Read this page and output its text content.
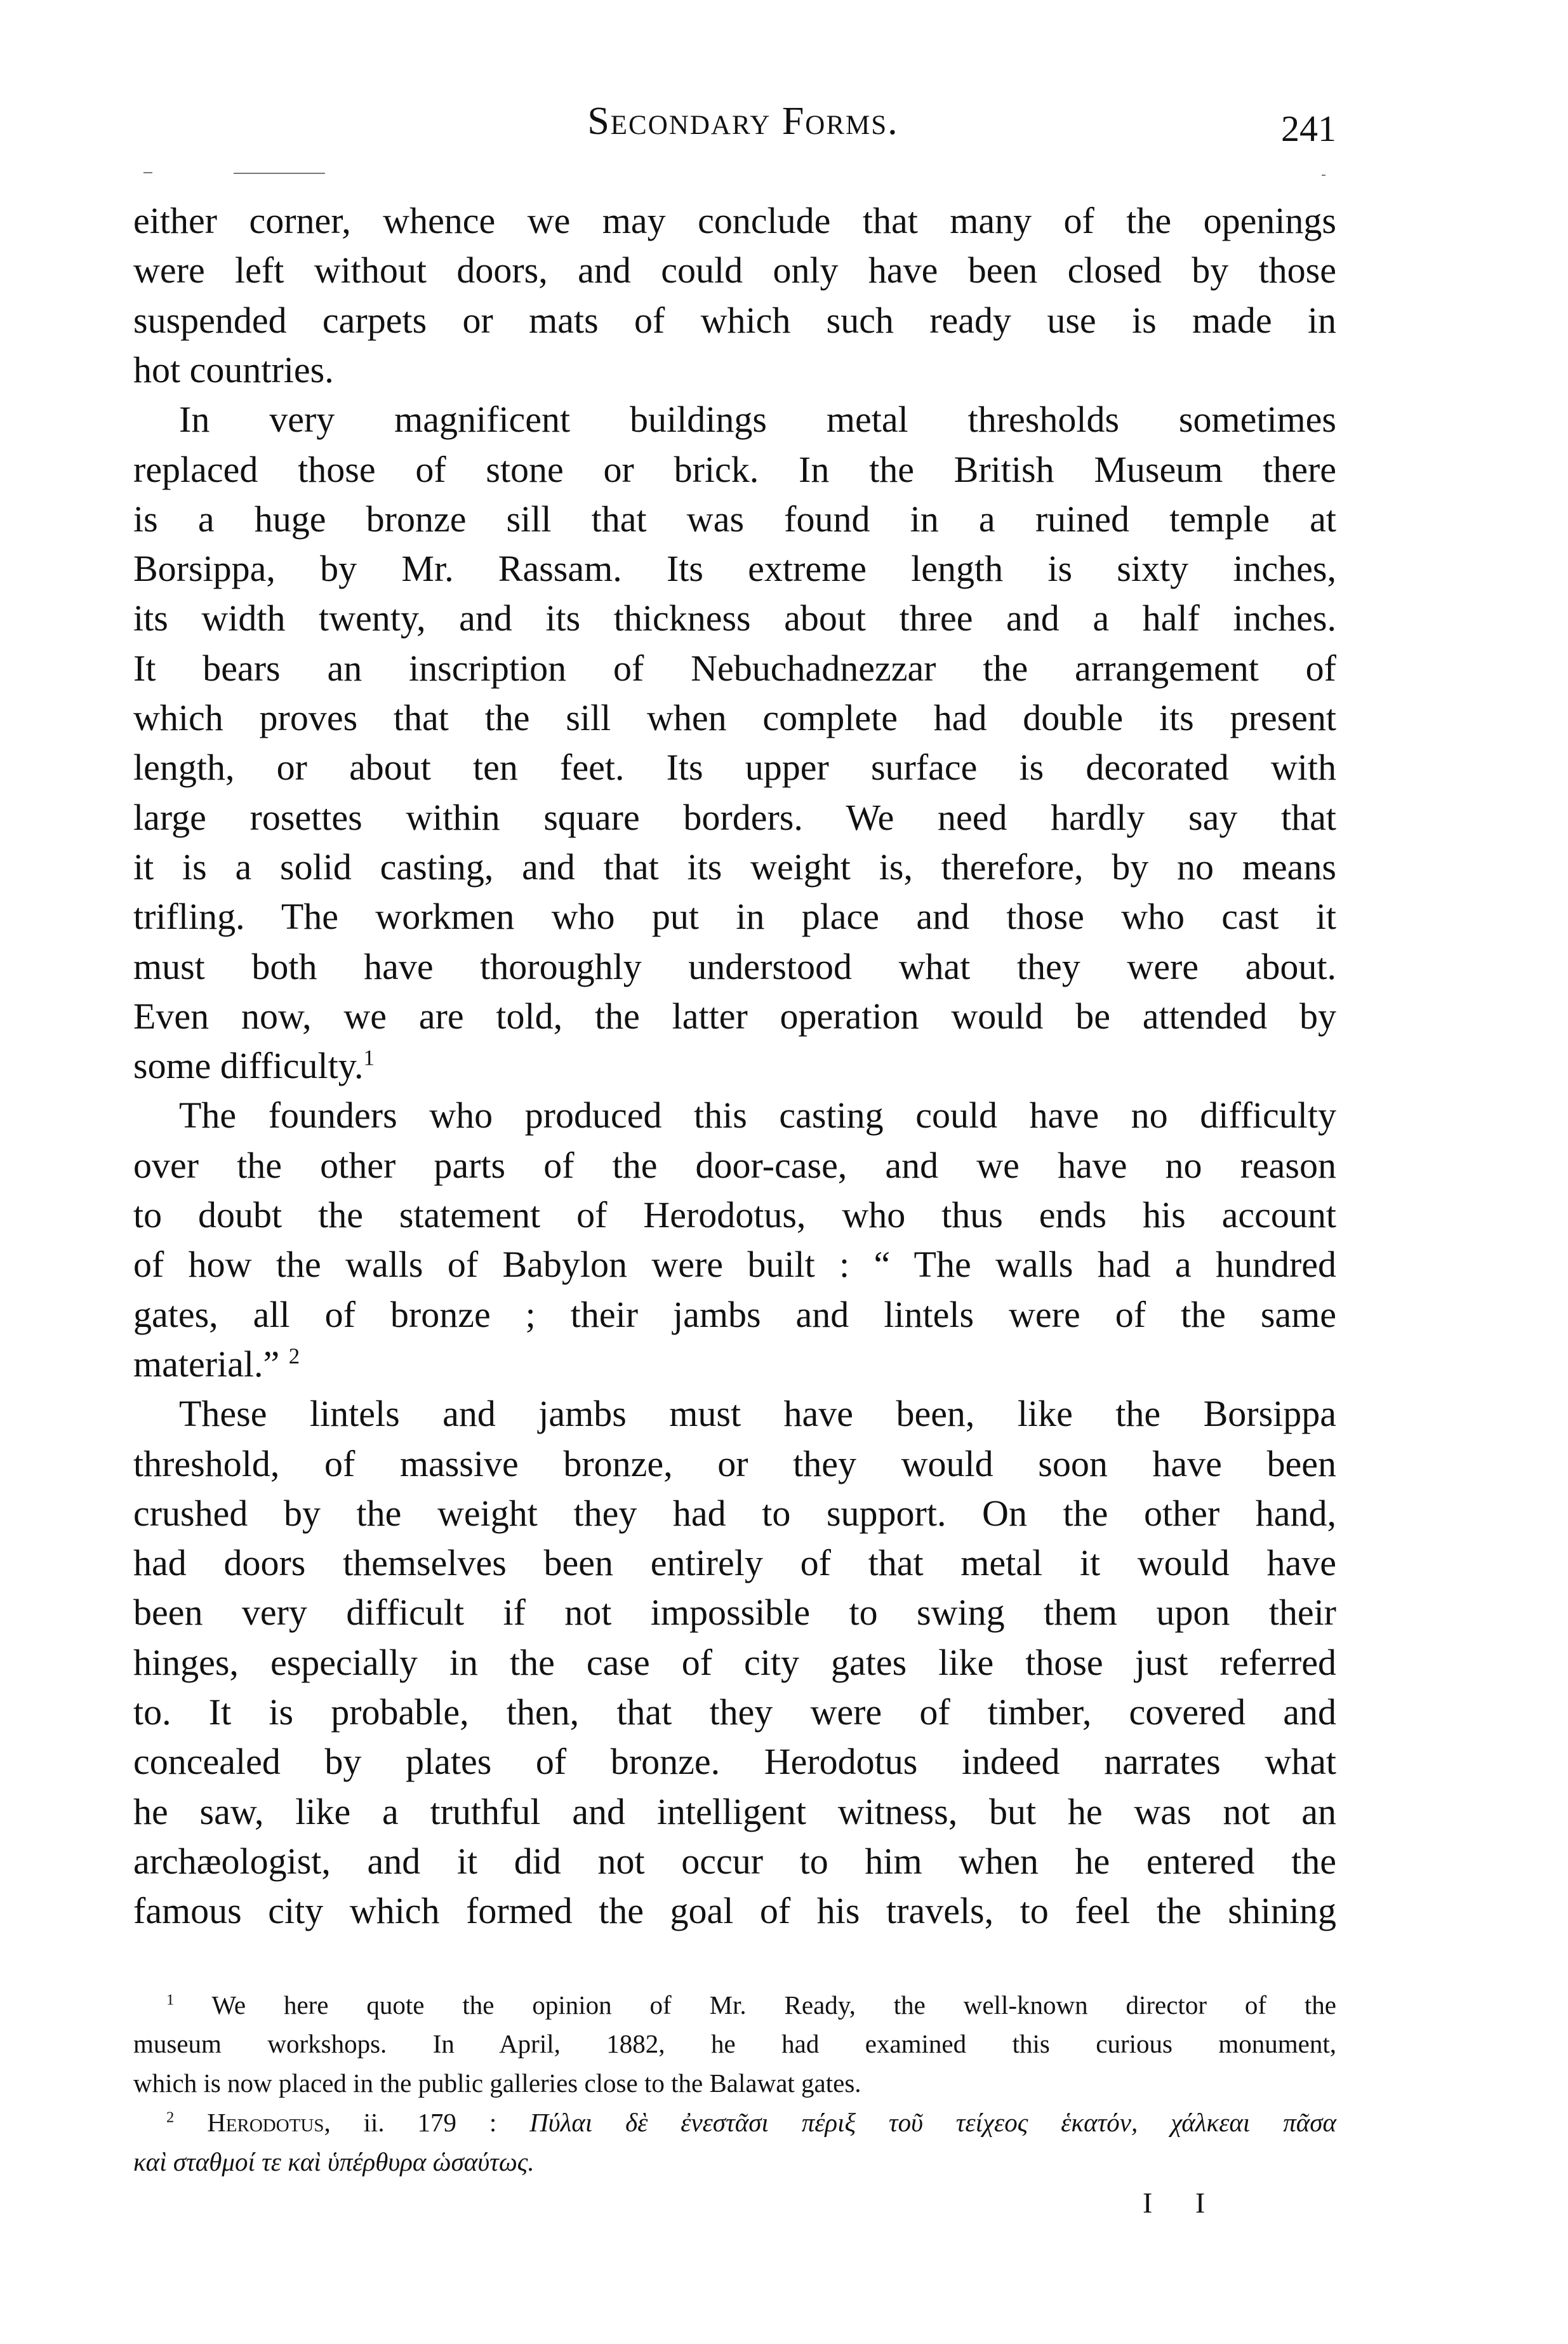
Secondary Forms.	241
either corner, whence we may conclude that many of the openings
were left without doors, and could only have been closed by those
suspended carpets or mats of which such ready use is made in
hot countries.
In very magnificent buildings metal thresholds sometimes
replaced those of stone or brick. In the British Museum there
is a huge bronze sill that was found in a ruined temple at
Borsippa, by Mr. Rassam. Its extreme length is sixty inches,
its width twenty, and its thickness about three and a half inches.
It bears an inscription of Nebuchadnezzar the arrangement of
which proves that the sill when complete had double its present
length, or about ten feet. Its upper surface is decorated with
large rosettes within square borders. We need hardly say that
it is a solid casting, and that its weight is, therefore, by no means
trifling. The workmen who put in place and those who cast it
must both have thoroughly understood what they were about.
Even now, we are told, the latter operation would be attended by
some difficulty.$^1$
The founders who produced this casting could have no difficulty
over the other parts of the door-case, and we have no reason
to doubt the statement of Herodotus, who thus ends his account
of how the walls of Babylon were built : “ The walls had a hundred
gates, all of bronze ; their jambs and lintels were of the same
material.” $^2$
These lintels and jambs must have been, like the Borsippa
threshold, of massive bronze, or they would soon have been
crushed by the weight they had to support. On the other hand,
had doors themselves been entirely of that metal it would have
been very difficult if not impossible to swing them upon their
hinges, especially in the case of city gates like those just referred
to. It is probable, then, that they were of timber, covered and
concealed by plates of bronze. Herodotus indeed narrates what
he saw, like a truthful and intelligent witness, but he was not an
archæologist, and it did not occur to him when he entered the
famous city which formed the goal of his travels, to feel the shining
$^1$ We here quote the opinion of Mr. Ready, the well-known director of the
museum workshops. In April, 1882, he had examined this curious monument,
which is now placed in the public galleries close to the Balawat gates.
$^2$ Herodotus, ii. 179 : Πύλαι δὲ ἐνεστᾶσι πέριξ τοῦ τείχεος ἑκατόν, χάλκεαι πᾶσα
καὶ σταθμοί τε καὶ ὑπέρθυρα ὡσαύτως.
I I
